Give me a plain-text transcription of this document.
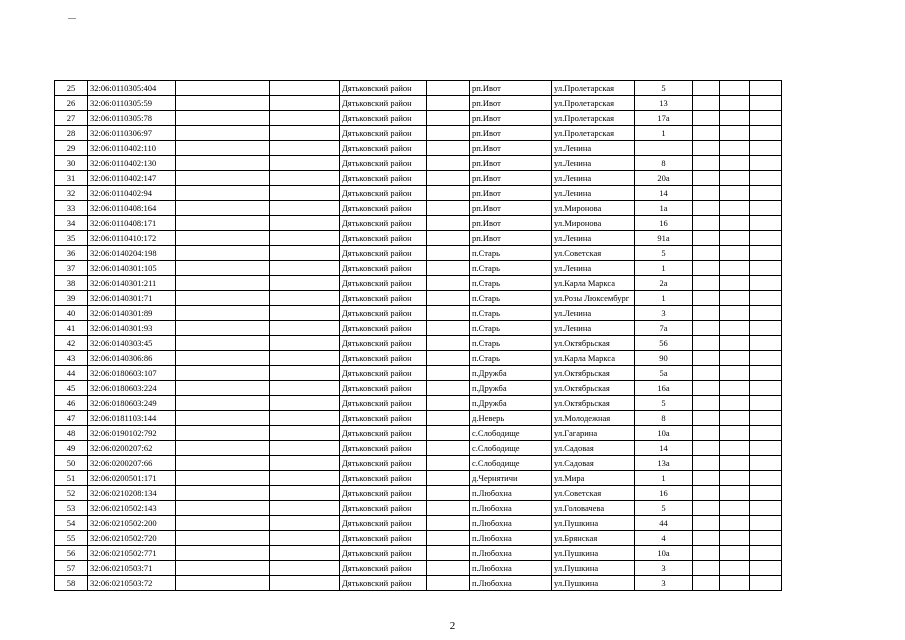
25	32:06:0110305:404			Дятьковский район		рп.Ивот	ул.Пролетарская	5			
26	32:06:0110305:59			Дятьковский район		рп.Ивот	ул.Пролетарская	13			
27	32:06:0110305:78			Дятьковский район		рп.Ивот	ул.Пролетарская	17а			
28	32:06:0110306:97			Дятьковский район		рп.Ивот	ул.Пролетарская	1			
29	32:06:0110402:110			Дятьковский район		рп.Ивот	ул.Ленина				
30	32:06:0110402:130			Дятьковский район		рп.Ивот	ул.Ленина	8			
31	32:06:0110402:147			Дятьковский район		рп.Ивот	ул.Ленина	20а			
32	32:06:0110402:94			Дятьковский район		рп.Ивот	ул.Ленина	14			
33	32:06:0110408:164			Дятьковский район		рп.Ивот	ул.Миронова	1а			
34	32:06:0110408:171			Дятьковский район		рп.Ивот	ул.Миронова	16			
35	32:06:0110410:172			Дятьковский район		рп.Ивот	ул.Ленина	91а			
36	32:06:0140204:198			Дятьковский район		п.Старь	ул.Советская	5			
37	32:06:0140301:105			Дятьковский район		п.Старь	ул.Ленина	1			
38	32:06:0140301:211			Дятьковский район		п.Старь	ул.Карла Маркса	2а			
39	32:06:0140301:71			Дятьковский район		п.Старь	ул.Розы Люксембург	1			
40	32:06:0140301:89			Дятьковский район		п.Старь	ул.Ленина	3			
41	32:06:0140301:93			Дятьковский район		п.Старь	ул.Ленина	7а			
42	32:06:0140303:45			Дятьковский район		п.Старь	ул.Октябрьская	56			
43	32:06:0140306:86			Дятьковский район		п.Старь	ул.Карла Маркса	90			
44	32:06:0180603:107			Дятьковский район		п.Дружба	ул.Октябрьская	5а			
45	32:06:0180603:224			Дятьковский район		п.Дружба	ул.Октябрьская	16а			
46	32:06:0180603:249			Дятьковский район		п.Дружба	ул.Октябрьская	5			
47	32:06:0181103:144			Дятьковский район		д.Неверь	ул.Молодежная	8			
48	32:06:0190102:792			Дятьковский район		с.Слободище	ул.Гагарина	10а			
49	32:06:0200207:62			Дятьковский район		с.Слободище	ул.Садовая	14			
50	32:06:0200207:66			Дятьковский район		с.Слободище	ул.Садовая	13а			
51	32:06:0200501:171			Дятьковский район		д.Чернятичи	ул.Мира	1			
52	32:06:0210208:134			Дятьковский район		п.Любохна	ул.Советская	16			
53	32:06:0210502:143			Дятьковский район		п.Любохна	ул.Головачева	5			
54	32:06:0210502:200			Дятьковский район		п.Любохна	ул.Пушкина	44			
55	32:06:0210502:720			Дятьковский район		п.Любохна	ул.Брянская	4			
56	32:06:0210502:771			Дятьковский район		п.Любохна	ул.Пушкина	10а			
57	32:06:0210503:71			Дятьковский район		п.Любохна	ул.Пушкина	3			
58	32:06:0210503:72			Дятьковский район		п.Любохна	ул.Пушкина	3			
2
